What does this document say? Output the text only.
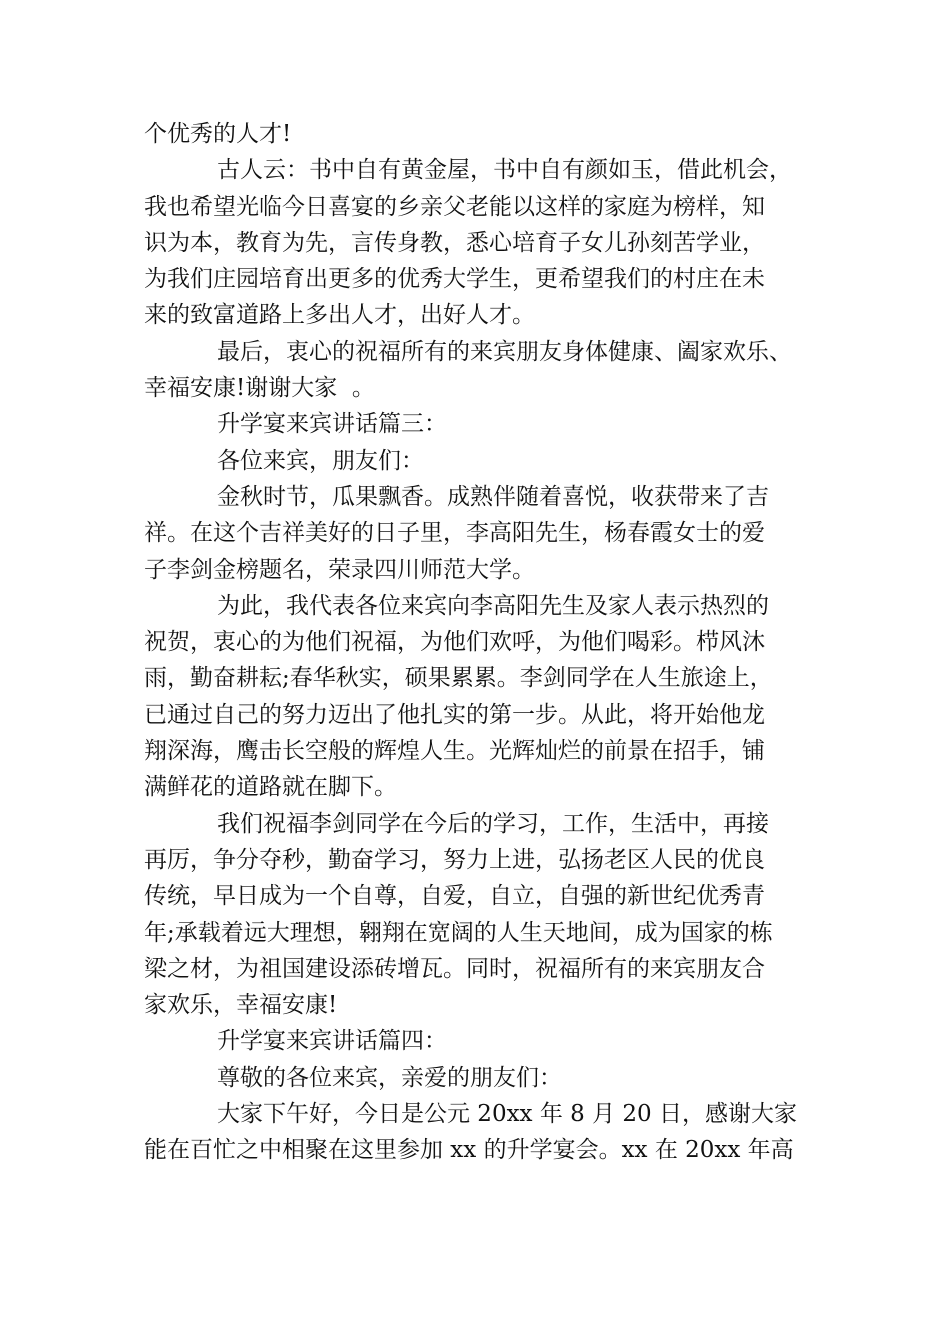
个优秀的人才!
古人云：书中自有黄金屋，书中自有颜如玉，借此机会，
我也希望光临今日喜宴的乡亲父老能以这样的家庭为榜样，知
识为本，教育为先，言传身教，悉心培育子女儿孙刻苦学业，
为我们庄园培育出更多的优秀大学生，更希望我们的村庄在未
来的致富道路上多出人才，出好人才。
最后，衷心的祝福所有的来宾朋友身体健康、阖家欢乐、
幸福安康!谢谢大家  。
升学宴来宾讲话篇三：
各位来宾，朋友们：
金秋时节，瓜果飘香。成熟伴随着喜悦，收获带来了吉
祥。在这个吉祥美好的日子里，李高阳先生，杨春霞女士的爱
子李剑金榜题名，荣录四川师范大学。
为此，我代表各位来宾向李高阳先生及家人表示热烈的
祝贺，衷心的为他们祝福，为他们欢呼，为他们喝彩。栉风沐
雨，勤奋耕耘;春华秋实，硕果累累。李剑同学在人生旅途上，
已通过自己的努力迈出了他扎实的第一步。从此，将开始他龙
翔深海，鹰击长空般的辉煌人生。光辉灿烂的前景在招手，铺
满鲜花的道路就在脚下。
我们祝福李剑同学在今后的学习，工作，生活中，再接
再厉，争分夺秒，勤奋学习，努力上进，弘扬老区人民的优良
传统，早日成为一个自尊，自爱，自立，自强的新世纪优秀青
年;承载着远大理想，翱翔在宽阔的人生天地间，成为国家的栋
梁之材，为祖国建设添砖增瓦。同时，祝福所有的来宾朋友合
家欢乐，幸福安康!
升学宴来宾讲话篇四：
尊敬的各位来宾，亲爱的朋友们：
大家下午好，今日是公元 20xx 年 8 月 20 日，感谢大家
能在百忙之中相聚在这里参加 xx 的升学宴会。xx 在 20xx 年高
